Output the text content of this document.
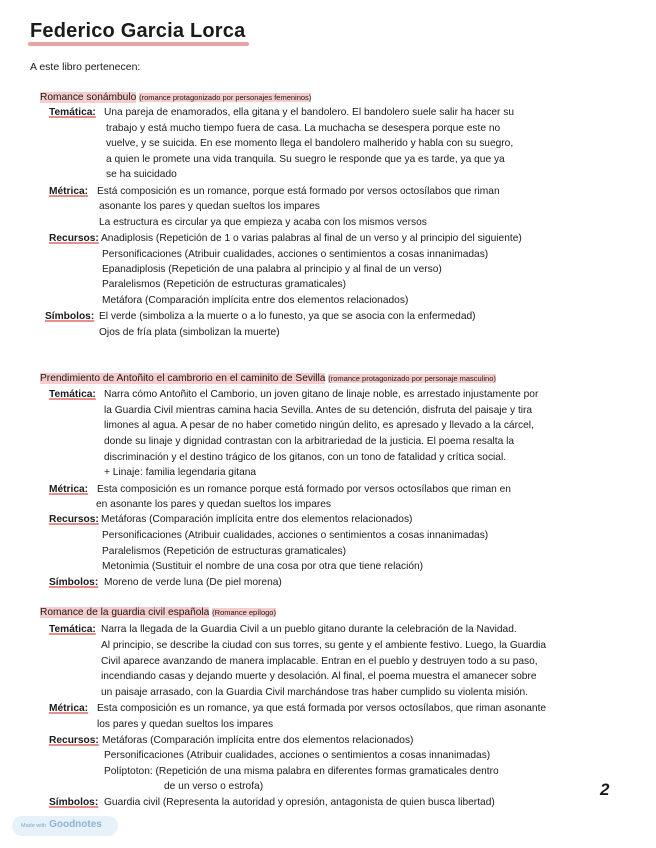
Federico Garcia Lorca
A este libro pertenecen:
Romance sonámbulo (romance protagonizado por personajes femeninos)
Temática: Una pareja de enamorados, ella gitana y el bandolero. El bandolero suele salir ha hacer su
trabajo y está mucho tiempo fuera de casa. La muchacha se desespera porque este no
vuelve, y se suicida. En ese momento llega el bandolero malherido y habla con su suegro,
a quien le promete una vida tranquila. Su suegro le responde que ya es tarde, ya que ya
se ha suicidado
Métrica: Está composición es un romance, porque está formado por versos octosílabos que riman
asonante los pares y quedan sueltos los impares
La estructura es circular ya que empieza y acaba con los mismos versos
Recursos: Anadiplosis (Repetición de 1 o varias palabras al final de un verso y al principio del siguiente)
Personificaciones (Atribuir cualidades, acciones o sentimientos a cosas innanimadas)
Epanadiplosis (Repetición de una palabra al principio y al final de un verso)
Paralelismos (Repetición de estructuras gramaticales)
Metáfora (Comparación implícita entre dos elementos relacionados)
Símbolos: El verde (simboliza a la muerte o a lo funesto, ya que se asocia con la enfermedad)
Ojos de fría plata (simbolizan la muerte)
Prendimiento de Antoñito el cambrorio en el caminito de Sevilla (romance protagonizado por personaje masculino)
Temática: Narra cómo Antoñito el Camborio, un joven gitano de linaje noble, es arrestado injustamente por
la Guardia Civil mientras camina hacia Sevilla. Antes de su detención, disfruta del paisaje y tira
limones al agua. A pesar de no haber cometido ningún delito, es apresado y llevado a la cárcel,
donde su linaje y dignidad contrastan con la arbitrariedad de la justicia. El poema resalta la
discriminación y el destino trágico de los gitanos, con un tono de fatalidad y crítica social.
+ Linaje: familia legendaria gitana
Métrica: Esta composición es un romance porque está formado por versos octosílabos que riman en
en asonante los pares y quedan sueltos los impares
Recursos: Metáforas (Comparación implícita entre dos elementos relacionados)
Personificaciones (Atribuir cualidades, acciones o sentimientos a cosas innanimadas)
Paralelismos (Repetición de estructuras gramaticales)
Metonimia (Sustituir el nombre de una cosa por otra que tiene relación)
Símbolos: Moreno de verde luna (De piel morena)
Romance de la guardia civil española (Romance epílogo)
Temática: Narra la llegada de la Guardia Civil a un pueblo gitano durante la celebración de la Navidad.
Al principio, se describe la ciudad con sus torres, su gente y el ambiente festivo. Luego, la Guardia
Civil aparece avanzando de manera implacable. Entran en el pueblo y destruyen todo a su paso,
incendiando casas y dejando muerte y desolación. Al final, el poema muestra el amanecer sobre
un paisaje arrasado, con la Guardia Civil marchándose tras haber cumplido su violenta misión.
Métrica: Esta composición es un romance, ya que está formada por versos octosílabos, que riman asonante
los pares y quedan sueltos los impares
Recursos: Metáforas (Comparación implícita entre dos elementos relacionados)
Personificaciones (Atribuir cualidades, acciones o sentimientos a cosas innanimadas)
Políptoton: (Repetición de una misma palabra en diferentes formas gramaticales dentro
de un verso o estrofa)
Símbolos: Guardia civil (Representa la autoridad y opresión, antagonista de quien busca libertad)
2
Made with Goodnotes
